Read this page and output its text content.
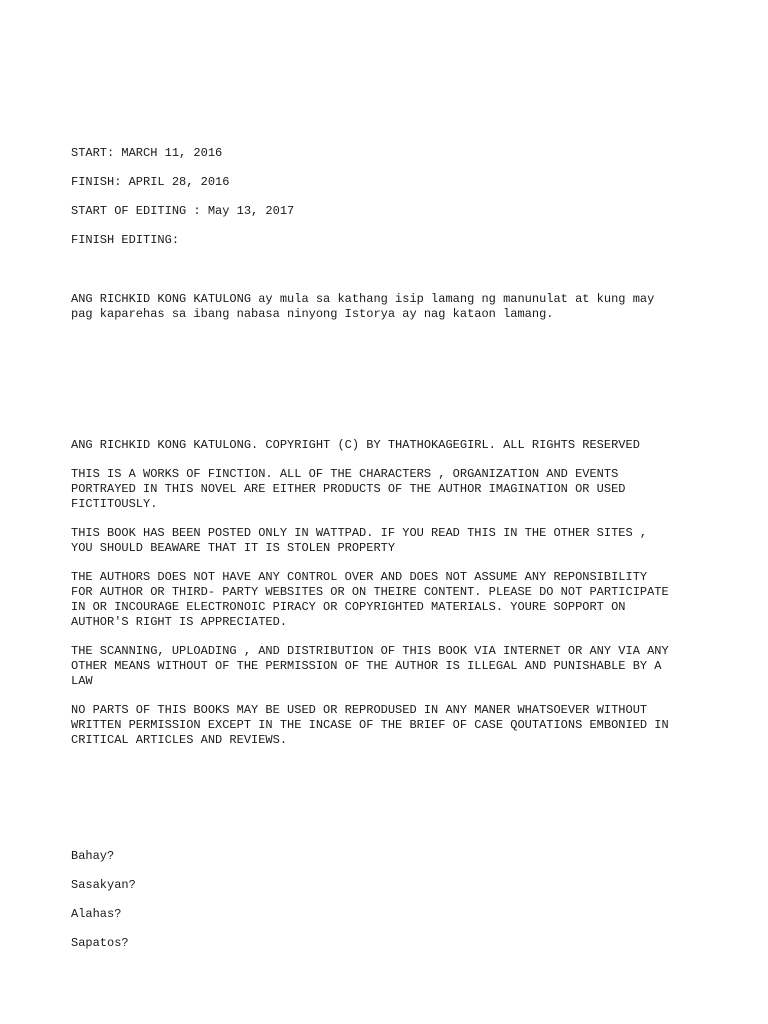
START: MARCH 11, 2016

FINISH: APRIL 28, 2016

START OF EDITING : May 13, 2017

FINISH EDITING:

ANG RICHKID KONG KATULONG ay mula sa kathang isip lamang ng manunulat at kung may
pag kaparehas sa ibang nabasa ninyong Istorya ay nag kataon lamang.

ANG RICHKID KONG KATULONG. COPYRIGHT (C) BY THATHOKAGEGIRL. ALL RIGHTS RESERVED

THIS IS A WORKS OF FINCTION. ALL OF THE CHARACTERS , ORGANIZATION AND EVENTS
PORTRAYED IN THIS NOVEL ARE EITHER PRODUCTS OF THE AUTHOR IMAGINATION OR USED
FICTITOUSLY.

THIS BOOK HAS BEEN POSTED ONLY IN WATTPAD. IF YOU READ THIS IN THE OTHER SITES ,
YOU SHOULD BEAWARE THAT IT IS STOLEN PROPERTY

THE AUTHORS DOES NOT HAVE ANY CONTROL OVER AND DOES NOT ASSUME ANY REPONSIBILITY
FOR AUTHOR OR THIRD- PARTY WEBSITES OR ON THEIRE CONTENT. PLEASE DO NOT PARTICIPATE
IN OR INCOURAGE ELECTRONOIC PIRACY OR COPYRIGHTED MATERIALS. YOURE SOPPORT ON
AUTHOR'S RIGHT IS APPRECIATED.

THE SCANNING, UPLOADING , AND DISTRIBUTION OF THIS BOOK VIA INTERNET OR ANY VIA ANY
OTHER MEANS WITHOUT OF THE PERMISSION OF THE AUTHOR IS ILLEGAL AND PUNISHABLE BY A
LAW

NO PARTS OF THIS BOOKS MAY BE USED OR REPRODUSED IN ANY MANER WHATSOEVER WITHOUT
WRITTEN PERMISSION EXCEPT IN THE INCASE OF THE BRIEF OF CASE QOUTATIONS EMBONIED IN
CRITICAL ARTICLES AND REVIEWS.

Bahay?

Sasakyan?

Alahas?

Sapatos?
